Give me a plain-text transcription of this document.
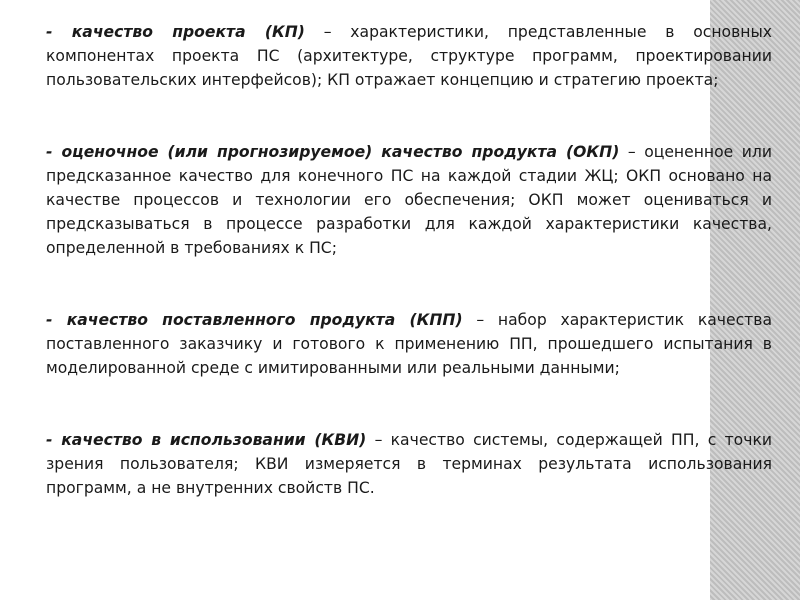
- качество проекта (КП) – характеристики, представленные в основных компонентах проекта ПС (архитектуре, структуре программ, проектировании пользовательских интерфейсов); КП отражает концепцию и стратегию проекта;

- оценочное (или прогнозируемое) качество продукта (ОКП) – оцененное или предсказанное качество для конечного ПС на каждой стадии ЖЦ; ОКП основано на качестве процессов и технологии его обеспечения; ОКП может оцениваться и предсказываться в процессе разработки для каждой характеристики качества, определенной в требованиях к ПС;

- качество поставленного продукта (КПП) – набор характеристик качества поставленного заказчику и готового к применению ПП, прошедшего испытания в моделированной среде с имитированными или реальными данными;

- качество в использовании (КВИ) – качество системы, содержащей ПП, с точки зрения пользователя; КВИ измеряется в терминах результата использования программ, а не внутренних свойств ПС.
